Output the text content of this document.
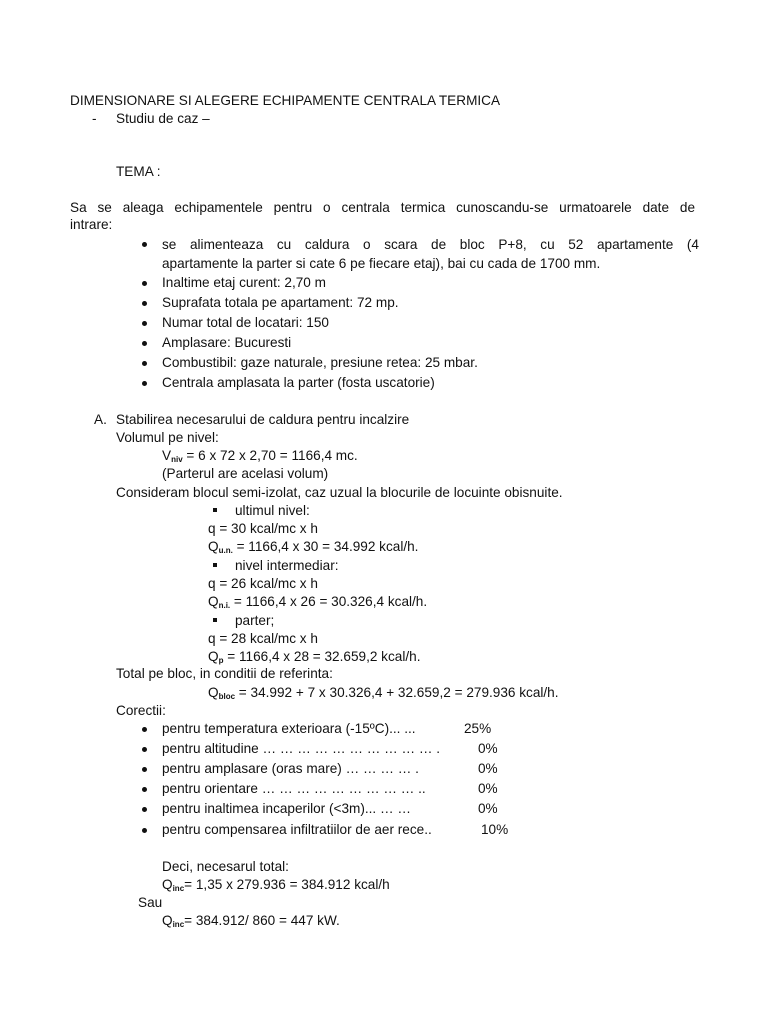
DIMENSIONARE SI ALEGERE ECHIPAMENTE CENTRALA TERMICA
- Studiu de caz –
TEMA :
Sa se aleaga echipamentele pentru o centrala termica cunoscandu-se urmatoarele date de
intrare:
se alimenteaza cu caldura o scara de bloc P+8, cu 52 apartamente (4
apartamente la parter si cate 6 pe fiecare etaj), bai cu cada de 1700 mm.
Inaltime etaj curent: 2,70 m
Suprafata totala pe apartament: 72 mp.
Numar total de locatari: 150
Amplasare: Bucuresti
Combustibil: gaze naturale, presiune retea: 25 mbar.
Centrala amplasata la parter (fosta uscatorie)
A. Stabilirea necesarului de caldura pentru incalzire
Volumul pe nivel:
$V_{niv} = 6$ x 72 x 2,70 = 1166,4 mc.
(Parterul are acelasi volum)
Consideram blocul semi-izolat, caz uzual la blocurile de locuinte obisnuite.
ultimul nivel:
q = 30 kcal/mc x h
$Q_{u.n.} = 1166,4$ x 30 = 34.992 kcal/h.
nivel intermediar:
q = 26 kcal/mc x h
$Q_{n.i.} = 1166,4$ x 26 = 30.326,4 kcal/h.
parter;
q = 28 kcal/mc x h
$Q_p = 1166,4$ x 28 = 32.659,2 kcal/h.
Total pe bloc, in conditii de referinta:
$Q_{bloc} = 34.992 + 7$ x 30.326,4 + 32.659,2 = 279.936 kcal/h.
Corectii:
pentru temperatura exterioara (-15ºC)... ...	25%
pentru altitudine … … … … … … … … … … .	0%
pentru amplasare (oras mare) … … … … .	0%
pentru orientare … … … … … … … … … ..	0%
pentru inaltimea incaperilor (<3m)... … …	0%
pentru compensarea infiltratiilor de aer rece..	10%
Deci, necesarul total:
$Q_{inc}= 1,35$ x 279.936 = 384.912 kcal/h
Sau
$Q_{inc}= 384.912/$ 860 = 447 kW.
